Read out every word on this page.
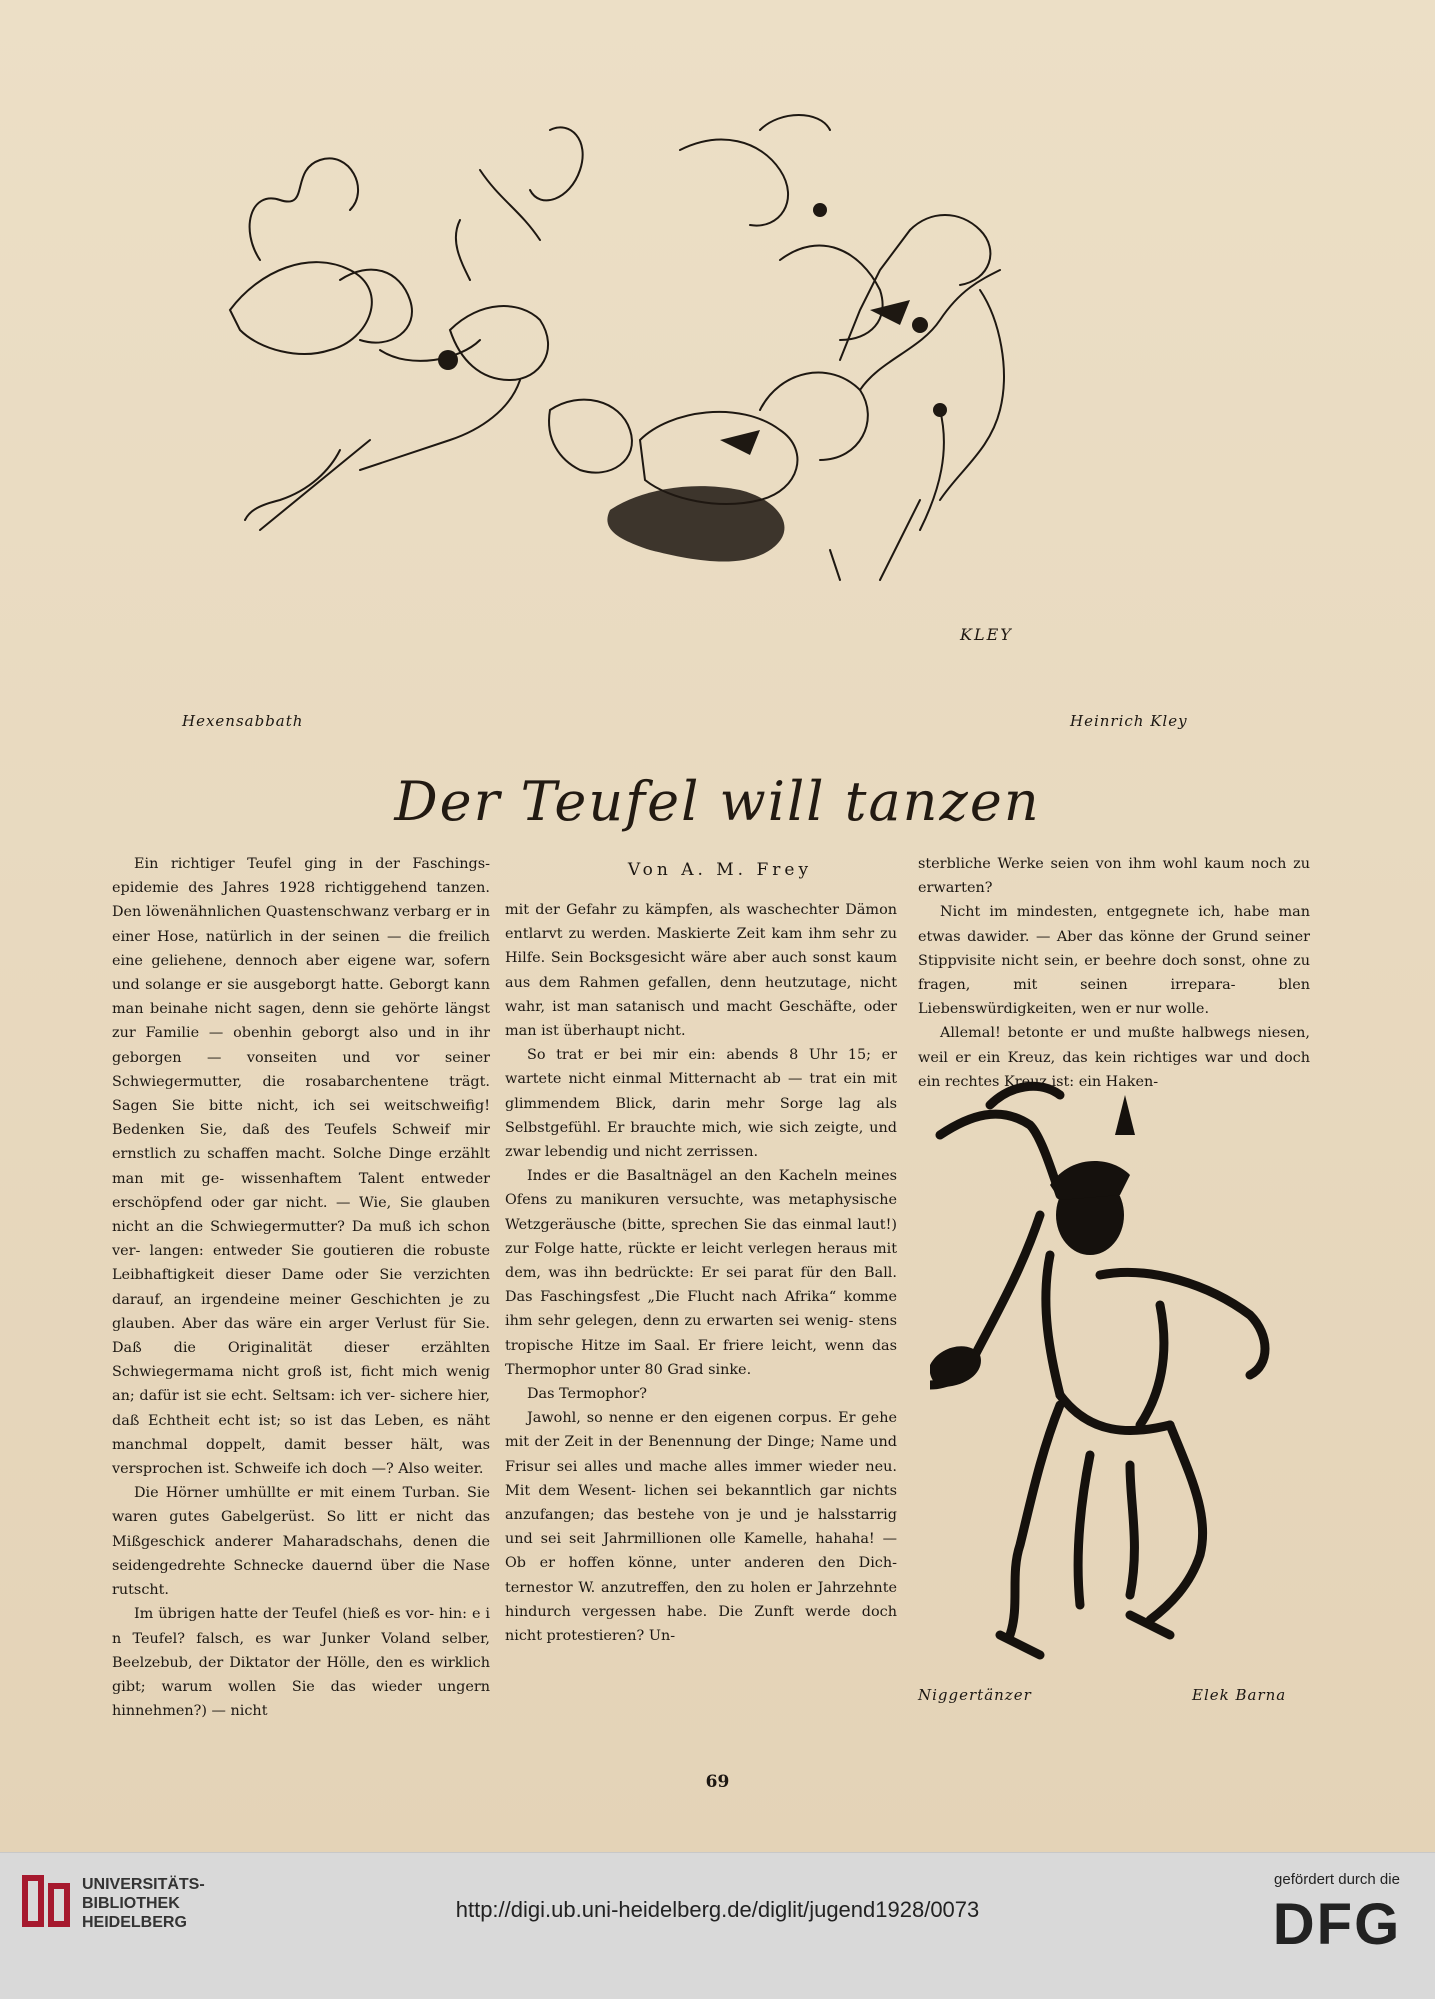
KLEY
Hexensabbath	Heinrich Kley
Der Teufel will tanzen
Von A. M. Frey

Ein richtiger Teufel ging in der Faschings- epidemie des Jahres 1928 richtiggehend tanzen. Den löwenähnlichen Quastenschwanz verbarg er in einer Hose, natürlich in der seinen — die freilich eine geliehene, dennoch aber eigene war, sofern und solange er sie ausgeborgt hatte. Geborgt kann man beinahe nicht sagen, denn sie gehörte längst zur Familie — obenhin geborgt also und in ihr geborgen — vonseiten und vor seiner Schwiegermutter, die rosabarchentene trägt. Sagen Sie bitte nicht, ich sei weitschweifig! Bedenken Sie, daß des Teufels Schweif mir ernstlich zu schaffen macht. Solche Dinge erzählt man mit ge- wissenhaftem Talent entweder erschöpfend oder gar nicht. — Wie, Sie glauben nicht an die Schwiegermutter? Da muß ich schon ver- langen: entweder Sie goutieren die robuste Leibhaftigkeit dieser Dame oder Sie verzichten darauf, an irgendeine meiner Geschichten je zu glauben. Aber das wäre ein arger Verlust für Sie. Daß die Originalität dieser erzählten Schwiegermama nicht groß ist, ficht mich wenig an; dafür ist sie echt. Seltsam: ich ver- sichere hier, daß Echtheit echt ist; so ist das Leben, es näht manchmal doppelt, damit besser hält, was versprochen ist. Schweife ich doch —? Also weiter.

Die Hörner umhüllte er mit einem Turban. Sie waren gutes Gabelgerüst. So litt er nicht das Mißgeschick anderer Maharadschahs, denen die seidengedrehte Schnecke dauernd über die Nase rutscht.

Im übrigen hatte der Teufel (hieß es vor- hin: e i n Teufel? falsch, es war Junker Voland selber, Beelzebub, der Diktator der Hölle, den es wirklich gibt; warum wollen Sie das wieder ungern hinnehmen?) — nicht

mit der Gefahr zu kämpfen, als waschechter Dämon entlarvt zu werden. Maskierte Zeit kam ihm sehr zu Hilfe. Sein Bocksgesicht wäre aber auch sonst kaum aus dem Rahmen gefallen, denn heutzutage, nicht wahr, ist man satanisch und macht Geschäfte, oder man ist überhaupt nicht.

So trat er bei mir ein: abends 8 Uhr 15; er wartete nicht einmal Mitternacht ab — trat ein mit glimmendem Blick, darin mehr Sorge lag als Selbstgefühl. Er brauchte mich, wie sich zeigte, und zwar lebendig und nicht zerrissen.

Indes er die Basaltnägel an den Kacheln meines Ofens zu manikuren versuchte, was metaphysische Wetzgeräusche (bitte, sprechen Sie das einmal laut!) zur Folge hatte, rückte er leicht verlegen heraus mit dem, was ihn bedrückte: Er sei parat für den Ball. Das Faschingsfest „Die Flucht nach Afrika“ komme ihm sehr gelegen, denn zu erwarten sei wenig- stens tropische Hitze im Saal. Er friere leicht, wenn das Thermophor unter 80 Grad sinke.

Das Termophor?

Jawohl, so nenne er den eigenen corpus. Er gehe mit der Zeit in der Benennung der Dinge; Name und Frisur sei alles und mache alles immer wieder neu. Mit dem Wesent- lichen sei bekanntlich gar nichts anzufangen; das bestehe von je und je halsstarrig und sei seit Jahrmillionen olle Kamelle, hahaha! — Ob er hoffen könne, unter anderen den Dich- ternestor W. anzutreffen, den zu holen er Jahrzehnte hindurch vergessen habe. Die Zunft werde doch nicht protestieren? Un-

sterbliche Werke seien von ihm wohl kaum noch zu erwarten?

Nicht im mindesten, entgegnete ich, habe man etwas dawider. — Aber das könne der Grund seiner Stippvisite nicht sein, er beehre doch sonst, ohne zu fragen, mit seinen irrepara- blen Liebenswürdigkeiten, wen er nur wolle.

Allemal! betonte er und mußte halbwegs niesen, weil er ein Kreuz, das kein richtiges war und doch ein rechtes Kreuz ist: ein Haken-

Niggertänzer	Elek Barna
69
UNIVERSITÄTS-
BIBLIOTHEK
HEIDELBERG
http://digi.ub.uni-heidelberg.de/diglit/jugend1928/0073
gefördert durch die
DFG
